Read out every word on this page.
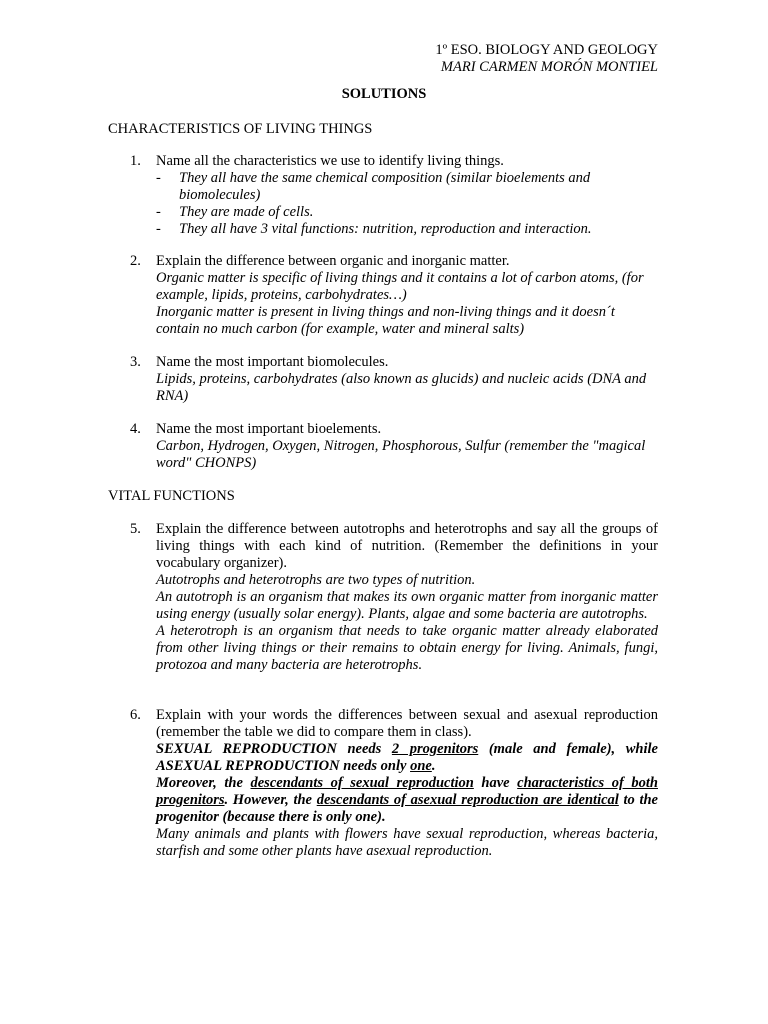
1º ESO. BIOLOGY AND GEOLOGY
MARI CARMEN MORÓN MONTIEL
SOLUTIONS
CHARACTERISTICS OF LIVING THINGS
1. Name all the characteristics we use to identify living things.

- They all have the same chemical composition (similar bioelements and biomolecules)
- They are made of cells.
- They all have 3 vital functions: nutrition, reproduction and interaction.
2. Explain the difference between organic and inorganic matter.

Organic matter is specific of living things and it contains a lot of carbon atoms, (for example, lipids, proteins, carbohydrates…)

Inorganic matter is present in living things and non-living things and it doesn´t contain no much carbon (for example, water and mineral salts)

3. Name the most important biomolecules.

Lipids, proteins, carbohydrates (also known as glucids) and nucleic acids (DNA and RNA)

4. Name the most important bioelements.

Carbon, Hydrogen, Oxygen, Nitrogen, Phosphorous, Sulfur (remember the "magical word" CHONPS)

VITAL FUNCTIONS
5. Explain the difference between autotrophs and heterotrophs and say all the groups of living things with each kind of nutrition. (Remember the definitions in your vocabulary organizer).

Autotrophs and heterotrophs are two types of nutrition.

An autotroph is an organism that makes its own organic matter from inorganic matter using energy (usually solar energy). Plants, algae and some bacteria are autotrophs.

A heterotroph is an organism that needs to take organic matter already elaborated from other living things or their remains to obtain energy for living. Animals, fungi, protozoa and many bacteria are heterotrophs.

6. Explain with your words the differences between sexual and asexual reproduction (remember the table we did to compare them in class).

SEXUAL REPRODUCTION needs 2 progenitors (male and female), while ASEXUAL REPRODUCTION needs only one.

Moreover, the descendants of sexual reproduction have characteristics of both progenitors. However, the descendants of asexual reproduction are identical to the progenitor (because there is only one).

Many animals and plants with flowers have sexual reproduction, whereas bacteria, starfish and some other plants have asexual reproduction.
